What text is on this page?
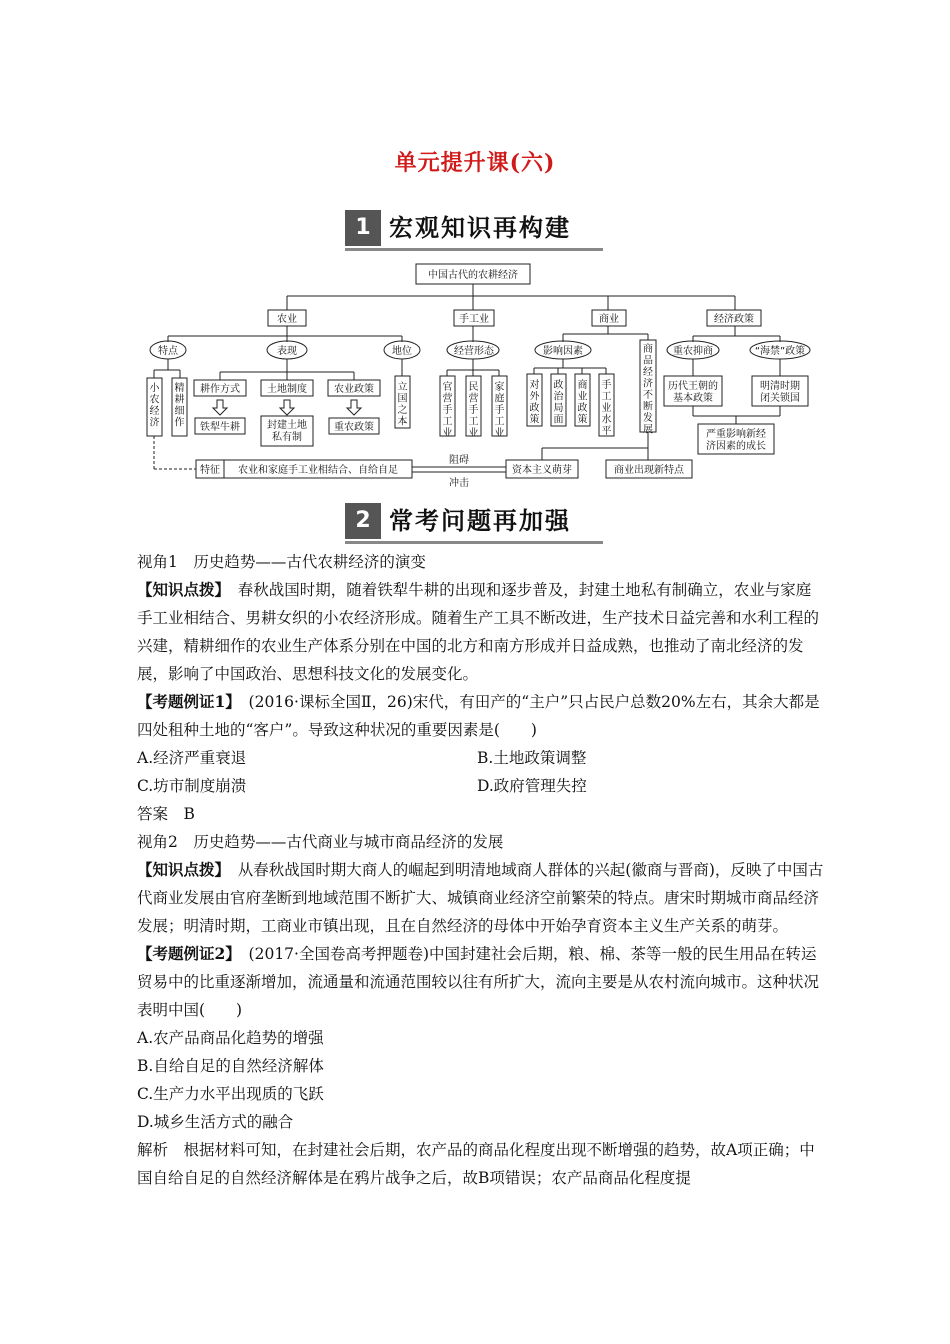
单元提升课(六)
1 宏观知识再构建
中国古代的农耕经济
农业	手工业	商业	经济政策
特点	表现	地位
耕作方式	土地制度	农业政策
铁犁牛耕	重农政策
经营形态	影响因素	重农抑商	“海禁”政策
特征 农业和家庭手工业相结合、自给自足
阻碍
冲击
资本主义萌芽	商业出现新特点
小农经济
精耕细作
立国之本
官营手工业
民营手工业
家庭手工业
对外政策
政治局面
商业政策
手工业水平
商品经济不断发展
封建土地私有制
历代王朝的基本政策
明清时期闭关锁国
严重影响新经济因素的成长
2 常考问题再加强

视角1　历史趋势——古代农耕经济的演变

【知识点拨】　春秋战国时期，随着铁犁牛耕的出现和逐步普及，封建土地私有制确立，农业与家庭手工业相结合、男耕女织的小农经济形成。随着生产工具不断改进，生产技术日益完善和水利工程的兴建，精耕细作的农业生产体系分别在中国的北方和南方形成并日益成熟，也推动了南北经济的发展，影响了中国政治、思想科技文化的发展变化。

【考题例证1】　(2016·课标全国Ⅱ，26)宋代，有田产的“主户”只占民户总数20%左右，其余大都是四处租种土地的“客户”。导致这种状况的重要因素是(　　)

A.经济严重衰退	B.土地政策调整
C.坊市制度崩溃	D.政府管理失控

答案　B

视角2　历史趋势——古代商业与城市商品经济的发展

【知识点拨】　从春秋战国时期大商人的崛起到明清地域商人群体的兴起(徽商与晋商)，反映了中国古代商业发展由官府垄断到地域范围不断扩大、城镇商业经济空前繁荣的特点。唐宋时期城市商品经济发展；明清时期，工商业市镇出现，且在自然经济的母体中开始孕育资本主义生产关系的萌芽。

【考题例证2】　(2017·全国卷高考押题卷)中国封建社会后期，粮、棉、茶等一般的民生用品在转运贸易中的比重逐渐增加，流通量和流通范围较以往有所扩大，流向主要是从农村流向城市。这种状况表明中国(　　)

A.农产品商品化趋势的增强

B.自给自足的自然经济解体

C.生产力水平出现质的飞跃

D.城乡生活方式的融合

解析　根据材料可知，在封建社会后期，农产品的商品化程度出现不断增强的趋势，故A项正确；中国自给自足的自然经济解体是在鸦片战争之后，故B项错误；农产品商品化程度提
